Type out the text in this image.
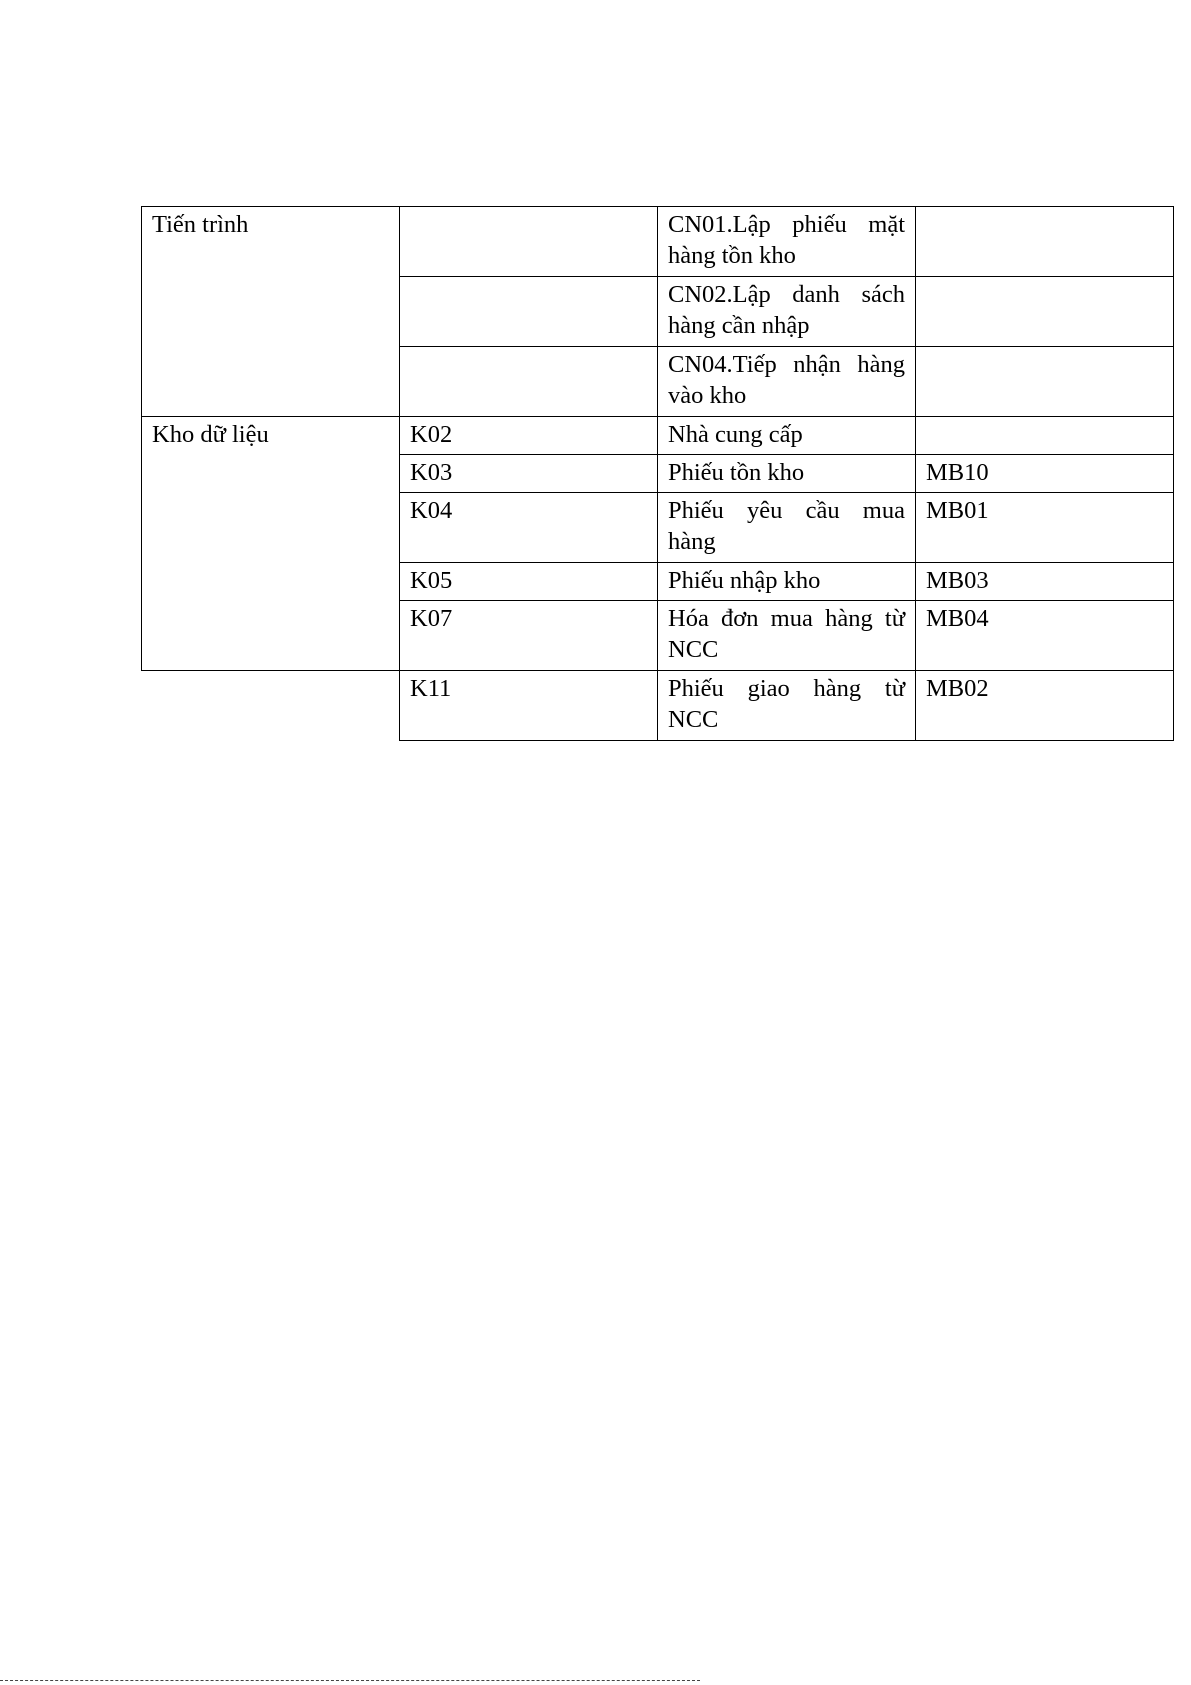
Tiến trình		CN01.Lập phiếu mặt hàng tồn kho	
		CN02.Lập danh sách hàng cần nhập	
		CN04.Tiếp nhận hàng vào kho	
Kho dữ liệu	K02	Nhà cung cấp	
	K03	Phiếu tồn kho	MB10
	K04	Phiếu yêu cầu mua hàng	MB01
	K05	Phiếu nhập kho	MB03
	K07	Hóa đơn mua hàng từ NCC	MB04
	K11	Phiếu giao hàng từ NCC	MB02
